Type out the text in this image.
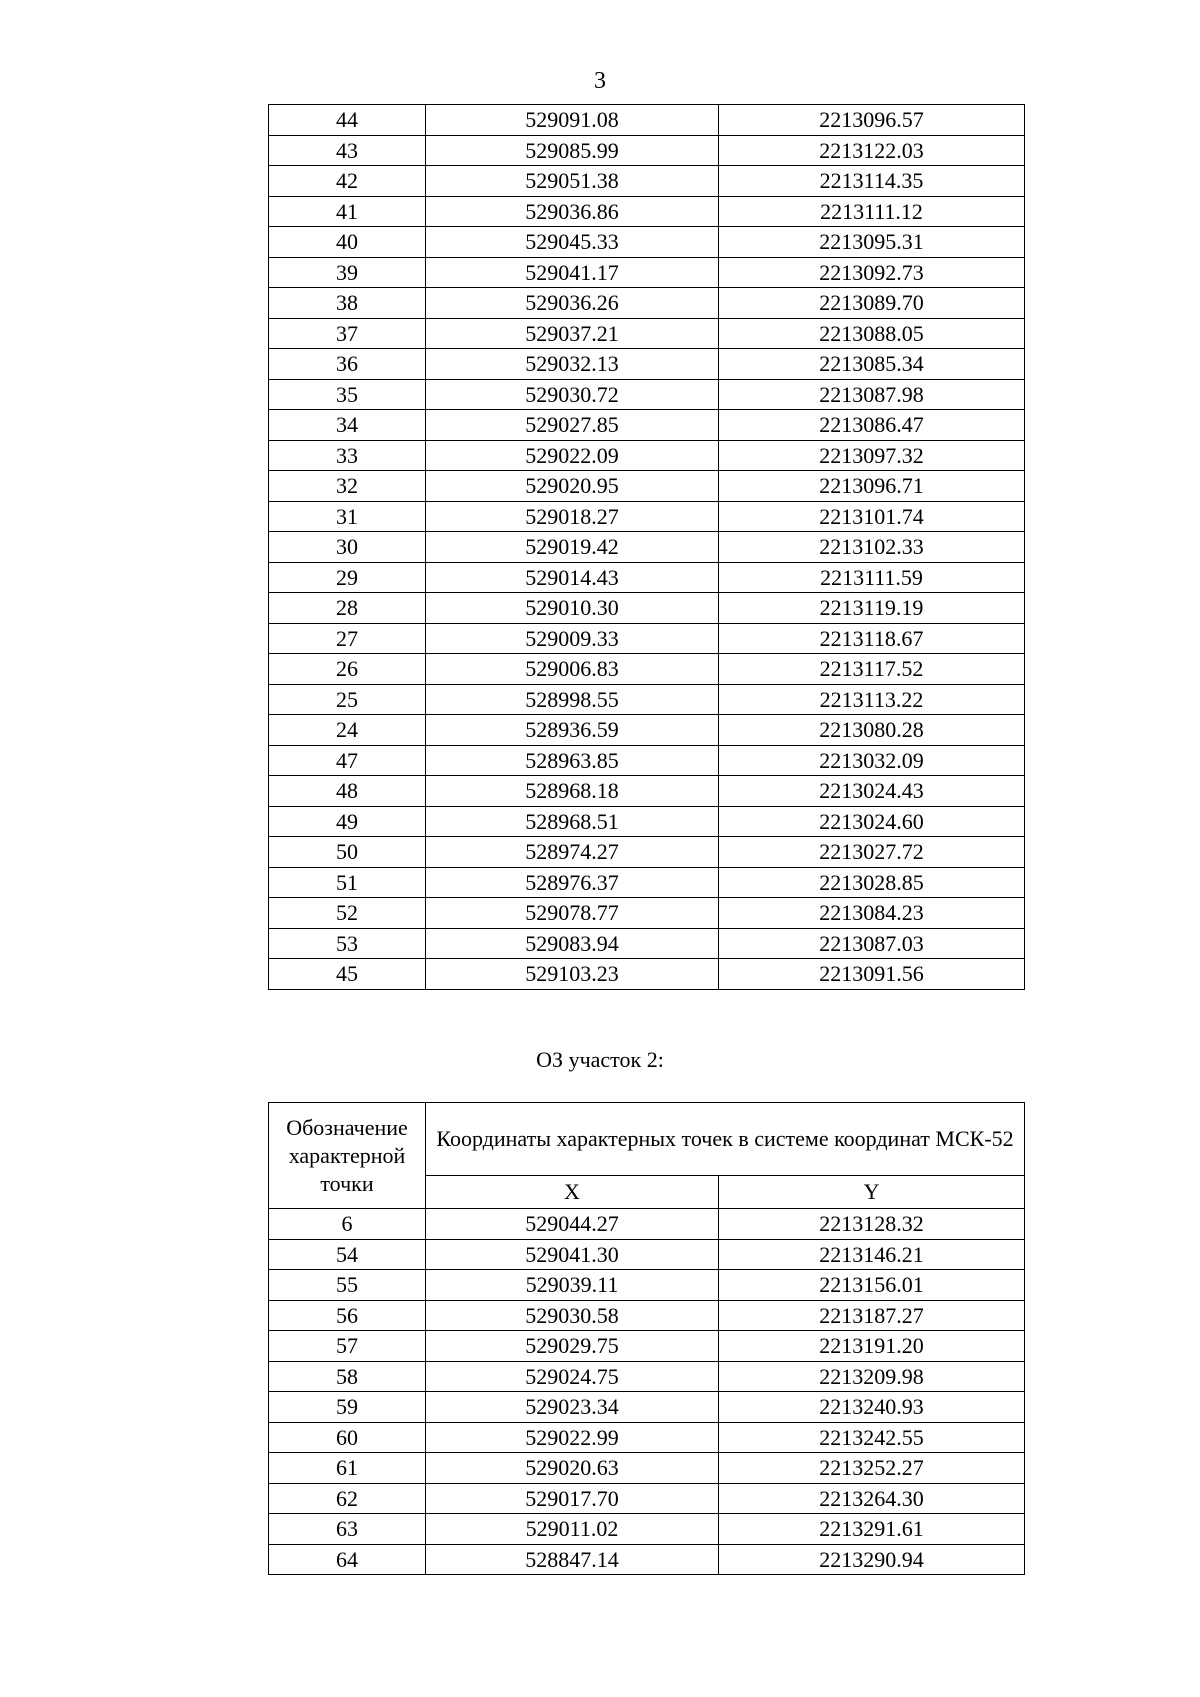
3
44	529091.08	2213096.57
43	529085.99	2213122.03
42	529051.38	2213114.35
41	529036.86	2213111.12
40	529045.33	2213095.31
39	529041.17	2213092.73
38	529036.26	2213089.70
37	529037.21	2213088.05
36	529032.13	2213085.34
35	529030.72	2213087.98
34	529027.85	2213086.47
33	529022.09	2213097.32
32	529020.95	2213096.71
31	529018.27	2213101.74
30	529019.42	2213102.33
29	529014.43	2213111.59
28	529010.30	2213119.19
27	529009.33	2213118.67
26	529006.83	2213117.52
25	528998.55	2213113.22
24	528936.59	2213080.28
47	528963.85	2213032.09
48	528968.18	2213024.43
49	528968.51	2213024.60
50	528974.27	2213027.72
51	528976.37	2213028.85
52	529078.77	2213084.23
53	529083.94	2213087.03
45	529103.23	2213091.56
ОЗ участок 2:
Обозначение характерной точки	Координаты характерных точек в системе координат МСК-52	
	X	Y
6	529044.27	2213128.32
54	529041.30	2213146.21
55	529039.11	2213156.01
56	529030.58	2213187.27
57	529029.75	2213191.20
58	529024.75	2213209.98
59	529023.34	2213240.93
60	529022.99	2213242.55
61	529020.63	2213252.27
62	529017.70	2213264.30
63	529011.02	2213291.61
64	528847.14	2213290.94
